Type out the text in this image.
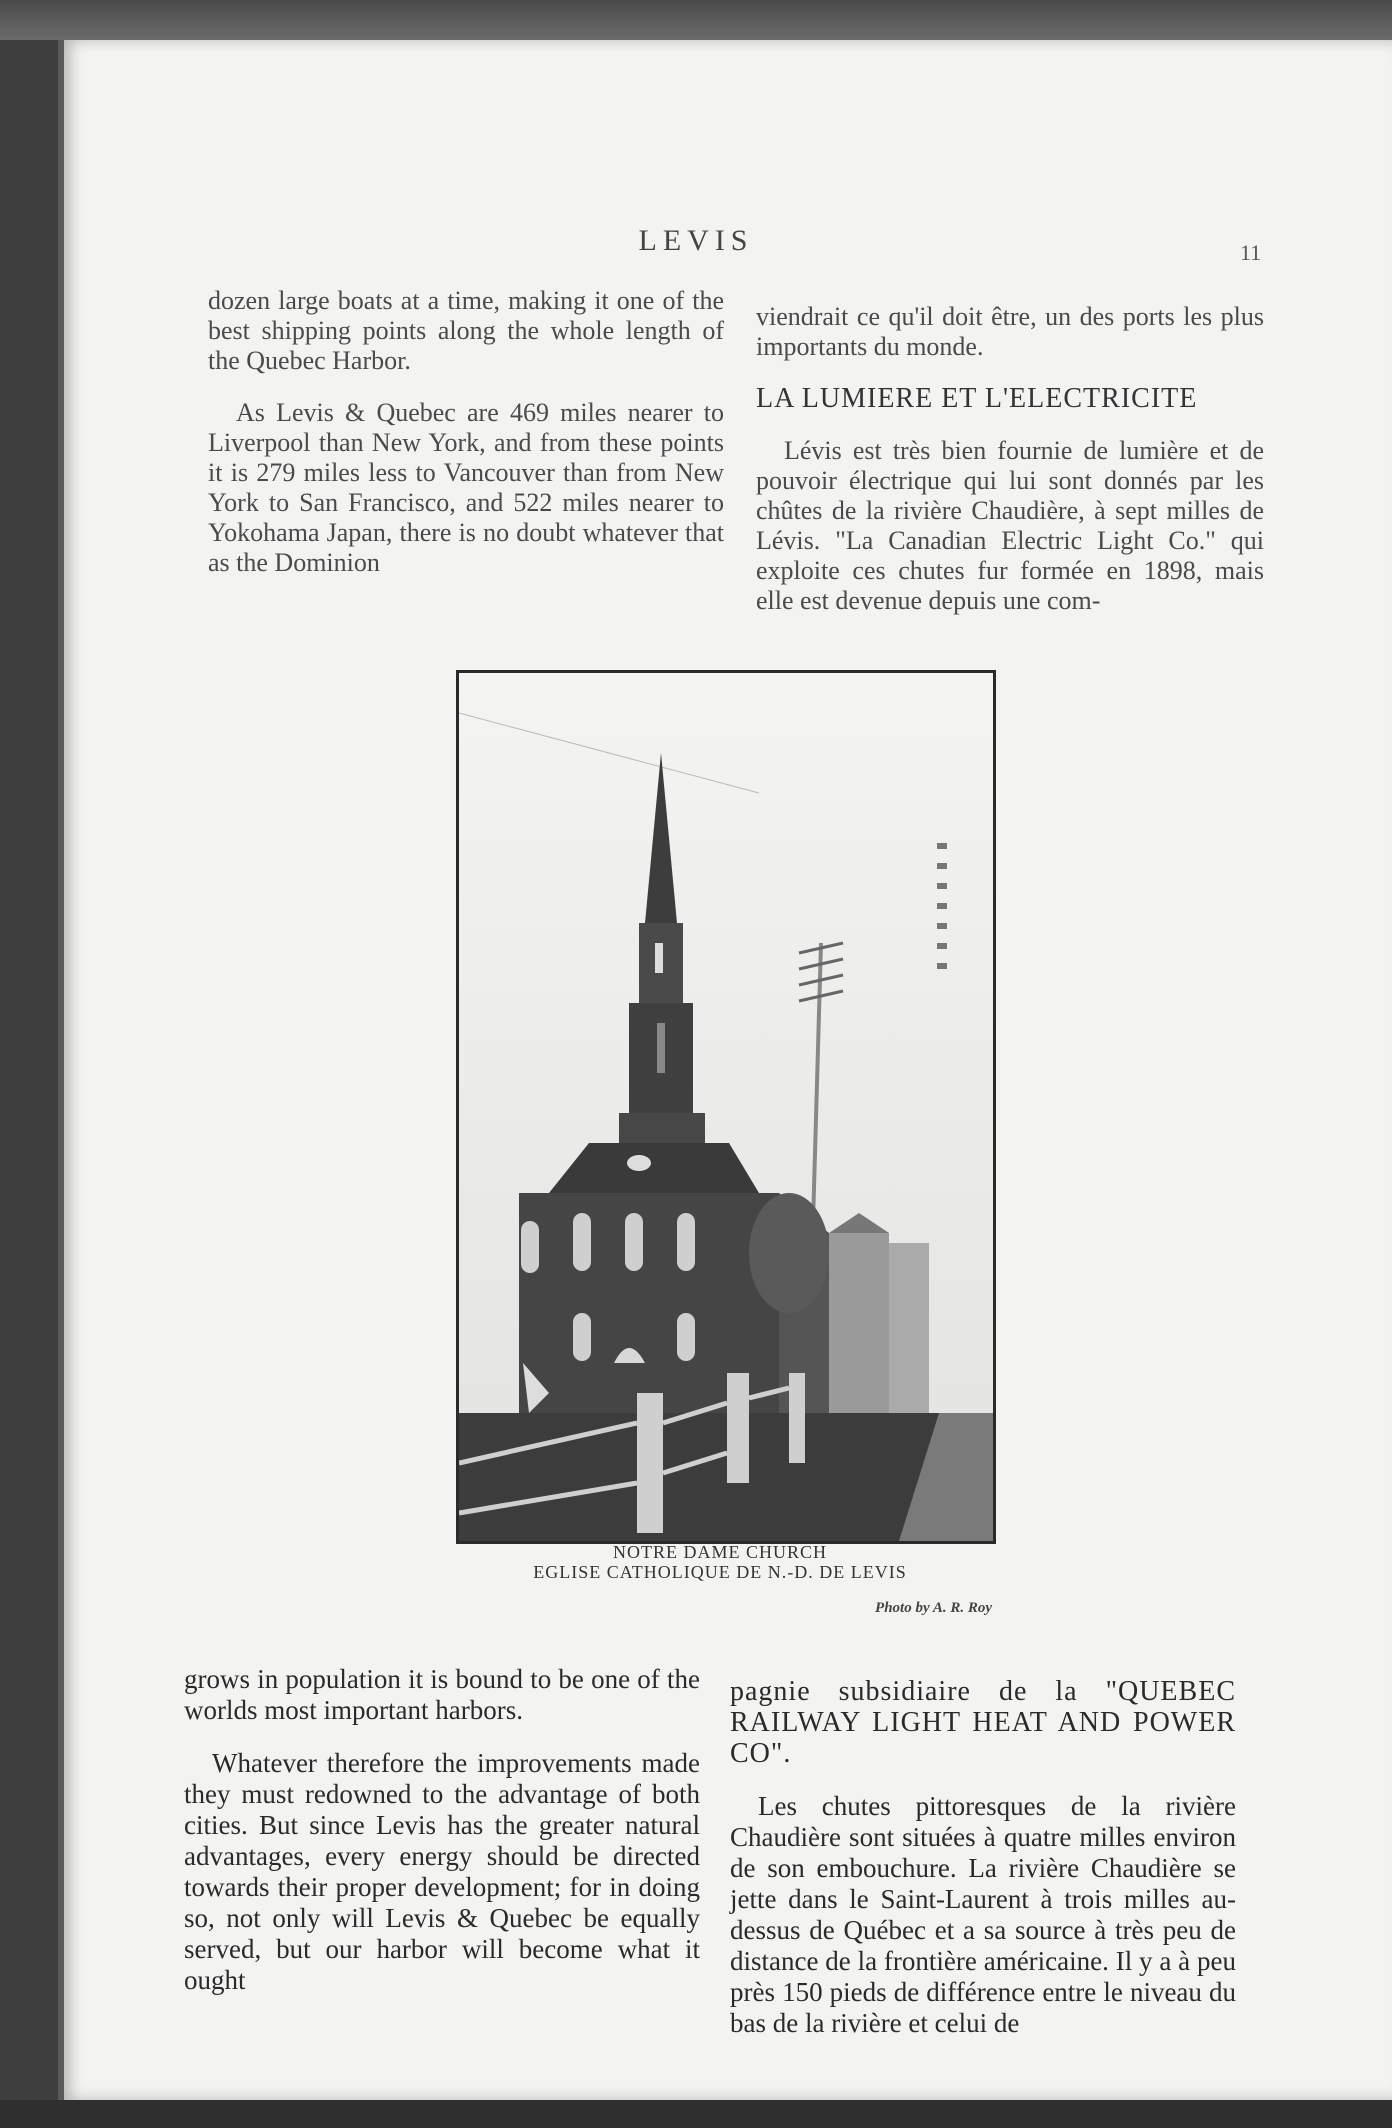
LEVIS	11

dozen large boats at a time, making it one of the best shipping points along the whole length of the Quebec Harbor.

As Levis & Quebec are 469 miles nearer to Liverpool than New York, and from these points it is 279 miles less to Vancouver than from New York to San Francisco, and 522 miles nearer to Yokohama Japan, there is no doubt whatever that as the Dominion

viendrait ce qu'il doit être, un des ports les plus importants du monde.

LA LUMIERE ET L'ELECTRICITE

Lévis est très bien fournie de lumière et de pouvoir électrique qui lui sont donnés par les chûtes de la rivière Chaudière, à sept milles de Lévis. "La Canadian Electric Light Co." qui exploite ces chutes fur formée en 1898, mais elle est devenue depuis une com-

NOTRE DAME CHURCH
EGLISE CATHOLIQUE DE N.-D. DE LEVIS
Photo by A. R. Roy

grows in population it is bound to be one of the worlds most important harbors.

Whatever therefore the improvements made they must redowned to the advantage of both cities. But since Levis has the greater natural advantages, every energy should be directed towards their proper development; for in doing so, not only will Levis & Quebec be equally served, but our harbor will become what it ought

pagnie subsidiaire de la "QUEBEC RAILWAY LIGHT HEAT AND POWER CO".

Les chutes pittoresques de la rivière Chaudière sont situées à quatre milles environ de son embouchure. La rivière Chaudière se jette dans le Saint-Laurent à trois milles au-dessus de Québec et a sa source à très peu de distance de la frontière américaine. Il y a à peu près 150 pieds de différence entre le niveau du bas de la rivière et celui de
